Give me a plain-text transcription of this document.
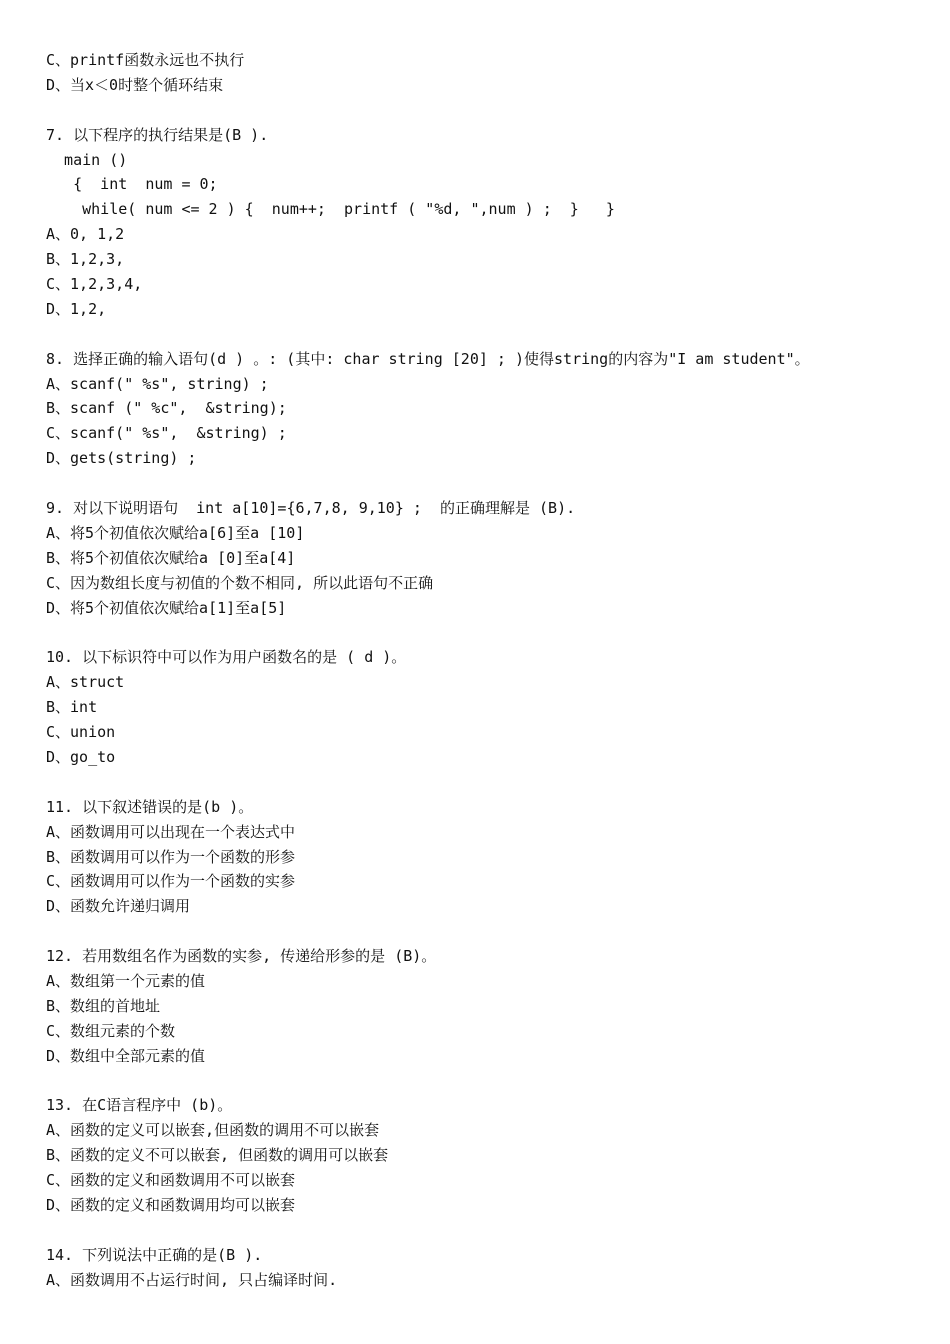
C、printf函数永远也不执行
D、当x＜0时整个循环结束
7. 以下程序的执行结果是(B ).
main ()
{  int  num = 0;
while( num <= 2 ) {  num++;  printf ( "%d, ",num ) ;  }   }
A、0, 1,2
B、1,2,3,
C、1,2,3,4,
D、1,2,
8. 选择正确的输入语句(d ) 。: (其中: char string [20] ; )使得string的内容为"I am student"。
A、scanf(" %s", string) ;
B、scanf (" %c",  &string);
C、scanf(" %s",  &string) ;
D、gets(string) ;
9. 对以下说明语句  int a[10]={6,7,8, 9,10} ;  的正确理解是 (B).
A、将5个初值依次赋给a[6]至a [10]
B、将5个初值依次赋给a [0]至a[4]
C、因为数组长度与初值的个数不相同, 所以此语句不正确
D、将5个初值依次赋给a[1]至a[5]
10. 以下标识符中可以作为用户函数名的是 ( d )。
A、struct
B、int
C、union
D、go_to
11. 以下叙述错误的是(b )。
A、函数调用可以出现在一个表达式中
B、函数调用可以作为一个函数的形参
C、函数调用可以作为一个函数的实参
D、函数允许递归调用
12. 若用数组名作为函数的实参, 传递给形参的是 (B)。
A、数组第一个元素的值
B、数组的首地址
C、数组元素的个数
D、数组中全部元素的值
13. 在C语言程序中 (b)。
A、函数的定义可以嵌套,但函数的调用不可以嵌套
B、函数的定义不可以嵌套, 但函数的调用可以嵌套
C、函数的定义和函数调用不可以嵌套
D、函数的定义和函数调用均可以嵌套
14. 下列说法中正确的是(B ).
A、函数调用不占运行时间, 只占编译时间.
